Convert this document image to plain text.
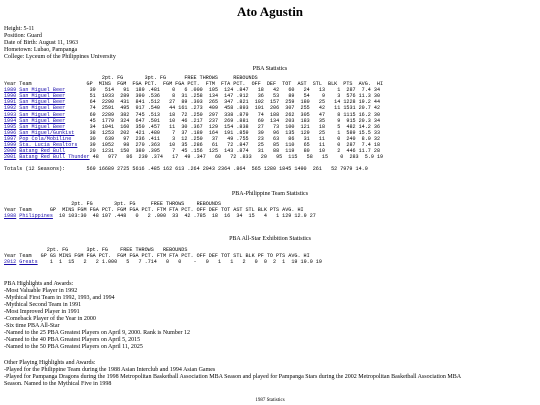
Ato Agustin
Height: 5-11
Position: Guard
Date of Birth: August 11, 1963
Hometown: Lubao, Pampanga
College: Lyceum of the Philippines University
PBA Statistics
2pt. FG       3pt. FG      FREE THROWS     REBOUNDS
Year Team                  GP  MINS  FGM  FGA PCT.  FGM FGA PCT.  FTM  FTA PCT.  OFF  DEF  TOT  AST  STL  BLK  PTS  AVG.  HI
1989 San Miguel Beer	39   514   91  189 .481    0   6 .000  105  124 .847   18   42   60   24   13    1  287  7.4 34
1990 San Miguel Beer	51  1033  289  390 .536    8  31 .258  134  147 .912   36   53   89   54    9    3  576 11.3 30
1991 San Miguel Beer	64  2290  431  841 .512   27  89 .303  265  347 .821  102  157  259  180   25   14 1228 19.2 44
1992 San Miguel Beer	74  2591  495  917 .540   44 161 .273  409  458 .893  101  206  307  255   42   11 1531 20.7 42
1993 San Miguel Beer	69  2289  382  745 .513   18  72 .250  297  338 .879   74  188  262  305   47    8 1115 16.2 30
1994 San Miguel Beer	45  1779  324  647 .501   10  46 .217  237  269 .881   69  134  203  183   35    9  915 20.3 34
1995 San Miguel Beer	34  1041  160  350 .457   11  30 .367  129  154 .838   27   73  100  121   18    5  482 14.2 36
1996 San Miguel/Gunkist	38  1253  202  421 .480    7  37 .189  164  191 .859   39   96  135  129   25    1  589 15.5 33
1997 Pop Cola/Mobiline	30   639   97  236 .411    3  12 .250   37   49 .755   23   63   86   31   11    0  240  8.0 32
1999 Sta. Lucia Realtors 39  1052   98  270 .363   10  35 .286   61   72 .847   25   85  110   65   11    0  287  7.4 18
2000 Batang Red Bull	20  1231  150  380 .395    7  45 .156  125  143 .874   31   88  119   80   10    2  446 11.7 28
2001 Batang Red Bull Thunder 48   977   86  239 .374   17  49 .347   60   72 .833   20   95  115   58   15    0  283  5.9 19

Totals (12 Seasons):       569 16689 2725 5616 .485 162 613 .264 2043 2364 .864  565 1280 1845 1490  261   52 7979 14.0

PBA-Philippine Team Statistics
2pt. FG       3pt. FG     FREE THROWS    REBOUNDS
Year Team      GP  MINS FGM FGA PCT. FGM FGA PCT. FTM FTA PCT. OFF DEF TOT AST STL BLK PTS AVG. HI
1988 Philippines  10 103:30  48 107 .448   0   2 .000  33  42 .785  18  16  34  15   4   1 129 12.9 27

PBA All-Star Exhibition Statistics
2pt. FG      3pt. FG    FREE THROWS   REBOUNDS
Year Team   GP GS MINS FGM FGA PCT.  FGM FGA PCT. FTM FTA PCT. OFF DEF TOT STL BLK PF TO PTS AVG. HI
2012 Greats    1  1  15   2   2 1.000   5   7 .714   0   0    -   0   1   1   2   0  0  2  1  19 19.0 19

PBA Highlights and Awards:
-Most Valuable Player in 1992
-Mythical First Team in 1992, 1993, and 1994
-Mythical Second Team in 1991
-Most Improved Player in 1991
-Comeback Player of the Year in 2000
-Six time PBA All-Star
-Named to the 25 PBA Greatest Players on April 9, 2000. Rank is Number 12
-Named to the 40 PBA Greatest Players on April 5, 2015
-Named to the 50 PBA Greatest Players on April 11, 2025
Other Playing Highlights and Awards:
-Played for the Philippine Team during the 1988 Asian Interclub and 1994 Asian Games
-Played for Pampanga Dragons during the 1998 Metropolitan Basketball Association MBA Season and played for Pampanga Stars during the 2002 Metropolitan Basketball Association MBA
Season. Named to the Mythical Five in 1998
1987 Statistics
